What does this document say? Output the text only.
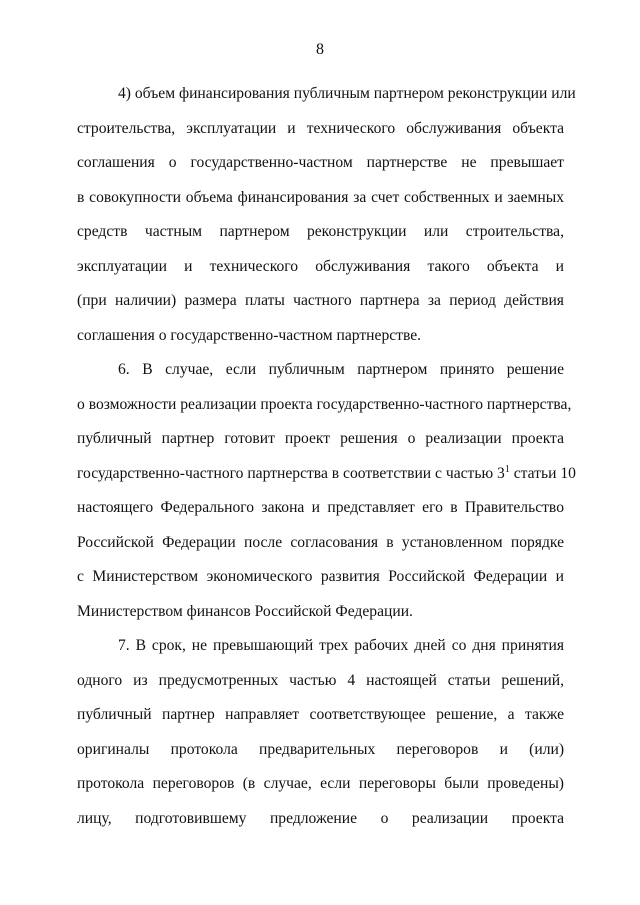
8

4) объем финансирования публичным партнером реконструкции или
строительства, эксплуатации и технического обслуживания объекта
соглашения о государственно-частном партнерстве не превышает
в совокупности объема финансирования за счет собственных и заемных
средств частным партнером реконструкции или строительства,
эксплуатации и технического обслуживания такого объекта и
(при наличии) размера платы частного партнера за период действия
соглашения о государственно-частном партнерстве.

6. В случае, если публичным партнером принято решение
о возможности реализации проекта государственно-частного партнерства,
публичный партнер готовит проект решения о реализации проекта
государственно-частного партнерства в соответствии с частью $3^1$ статьи 10
настоящего Федерального закона и представляет его в Правительство
Российской Федерации после согласования в установленном порядке
с Министерством экономического развития Российской Федерации и
Министерством финансов Российской Федерации.

7. В срок, не превышающий трех рабочих дней со дня принятия
одного из предусмотренных частью 4 настоящей статьи решений,
публичный партнер направляет соответствующее решение, а также
оригиналы протокола предварительных переговоров и (или)
протокола переговоров (в случае, если переговоры были проведены)
лицу, подготовившему предложение о реализации проекта
